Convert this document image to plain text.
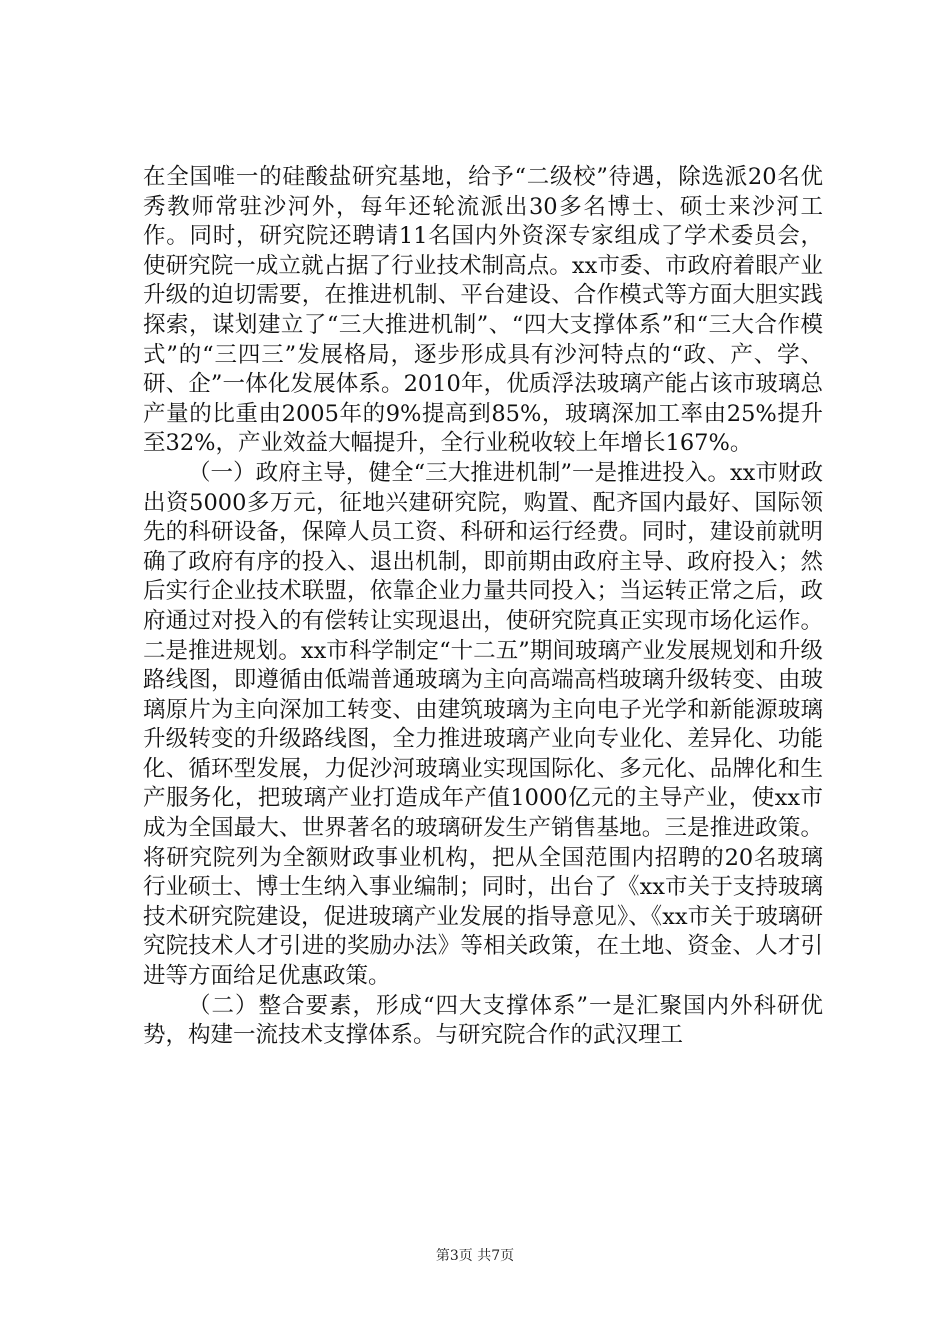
在全国唯一的硅酸盐研究基地，给予“二级校”待遇，除选派20名优秀教师常驻沙河外，每年还轮流派出30多名博士、硕士来沙河工作。同时，研究院还聘请11名国内外资深专家组成了学术委员会，使研究院一成立就占据了行业技术制高点。xx市委、市政府着眼产业升级的迫切需要，在推进机制、平台建设、合作模式等方面大胆实践探索，谋划建立了“三大推进机制”、“四大支撑体系”和“三大合作模式”的“三四三”发展格局，逐步形成具有沙河特点的“政、产、学、研、企”一体化发展体系。2010年，优质浮法玻璃产能占该市玻璃总产量的比重由2005年的9%提高到85%，玻璃深加工率由25%提升至32%，产业效益大幅提升，全行业税收较上年增长167%。

（一）政府主导，健全“三大推进机制”一是推进投入。xx市财政出资5000多万元，征地兴建研究院，购置、配齐国内最好、国际领先的科研设备，保障人员工资、科研和运行经费。同时，建设前就明确了政府有序的投入、退出机制，即前期由政府主导、政府投入；然后实行企业技术联盟，依靠企业力量共同投入；当运转正常之后，政府通过对投入的有偿转让实现退出，使研究院真正实现市场化运作。二是推进规划。xx市科学制定“十二五”期间玻璃产业发展规划和升级路线图，即遵循由低端普通玻璃为主向高端高档玻璃升级转变、由玻璃原片为主向深加工转变、由建筑玻璃为主向电子光学和新能源玻璃升级转变的升级路线图，全力推进玻璃产业向专业化、差异化、功能化、循环型发展，力促沙河玻璃业实现国际化、多元化、品牌化和生产服务化，把玻璃产业打造成年产值1000亿元的主导产业，使xx市成为全国最大、世界著名的玻璃研发生产销售基地。三是推进政策。将研究院列为全额财政事业机构，把从全国范围内招聘的20名玻璃行业硕士、博士生纳入事业编制；同时，出台了《xx市关于支持玻璃技术研究院建设，促进玻璃产业发展的指导意见》、《xx市关于玻璃研究院技术人才引进的奖励办法》等相关政策，在土地、资金、人才引进等方面给足优惠政策。

（二）整合要素，形成“四大支撑体系”一是汇聚国内外科研优势，构建一流技术支撑体系。与研究院合作的武汉理工

第3页 共7页
